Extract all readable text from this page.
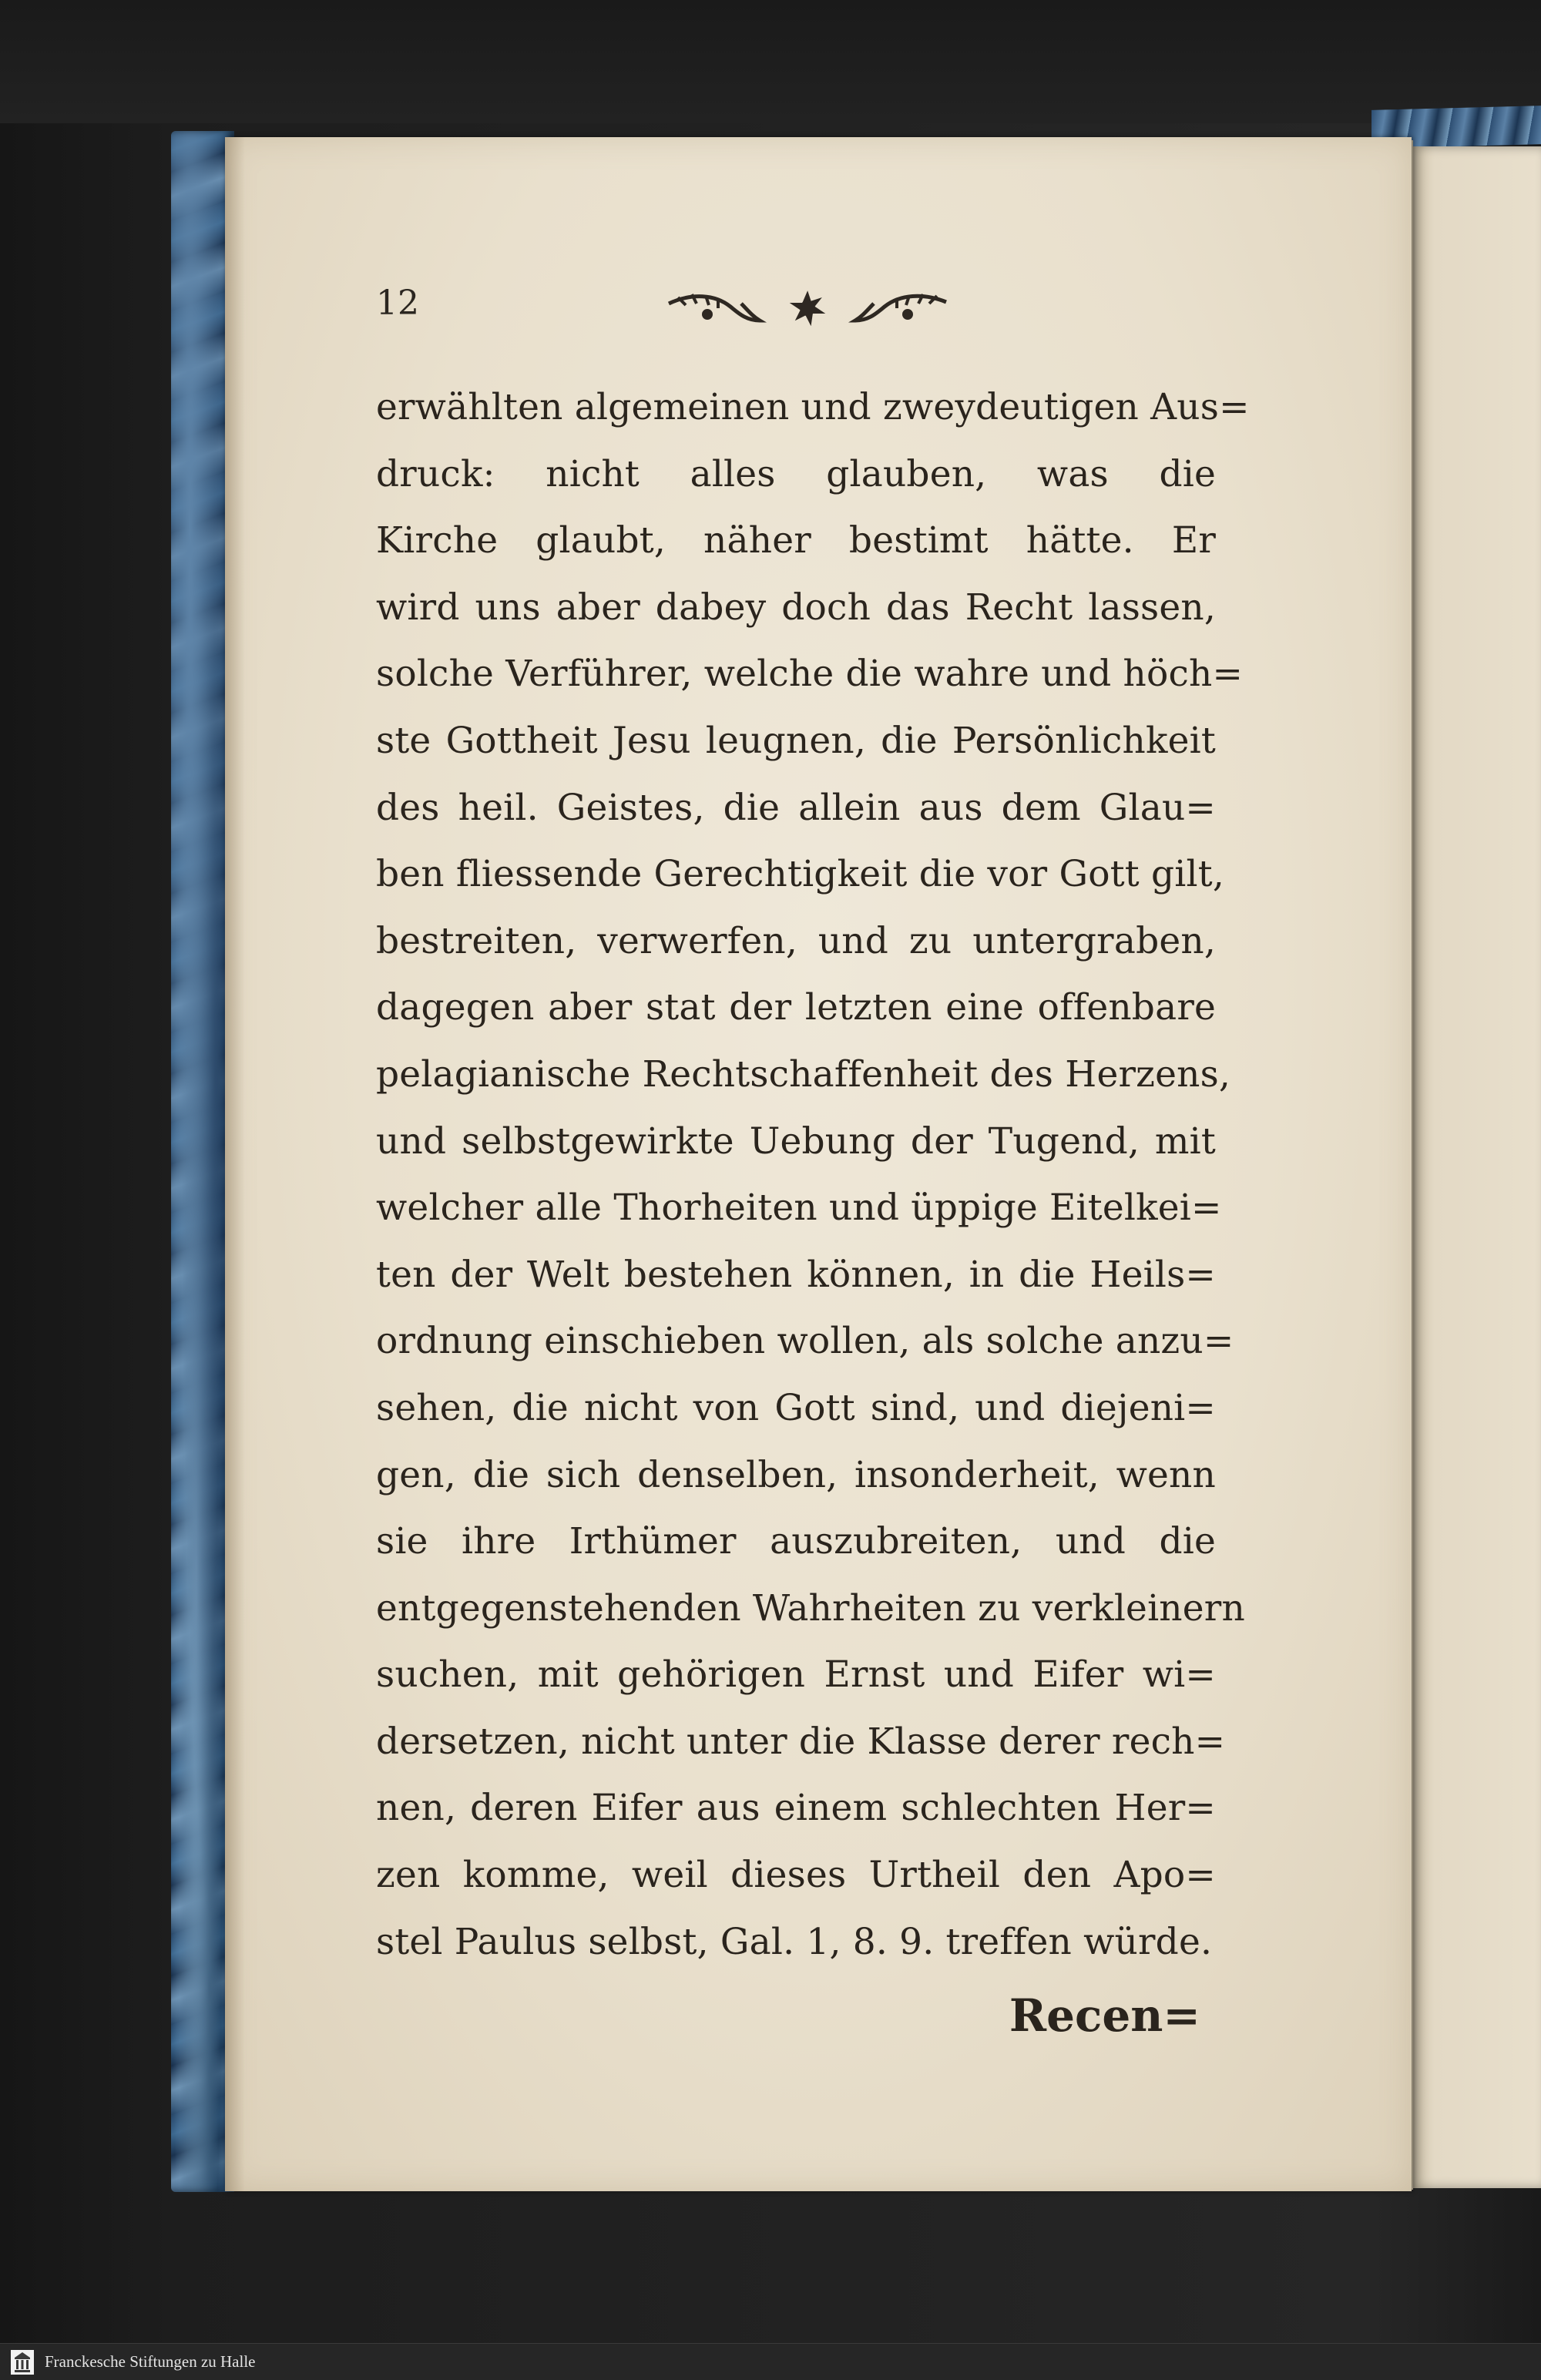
12
erwählten algemeinen und zweydeutigen Aus=
druck: nicht alles glauben, was die
Kirche glaubt, näher bestimt hätte. Er
wird uns aber dabey doch das Recht lassen,
solche Verführer, welche die wahre und höch=
ste Gottheit Jesu leugnen, die Persönlichkeit
des heil. Geistes, die allein aus dem Glau=
ben fliessende Gerechtigkeit die vor Gott gilt,
bestreiten, verwerfen, und zu untergraben,
dagegen aber stat der letzten eine offenbare
pelagianische Rechtschaffenheit des Herzens,
und selbstgewirkte Uebung der Tugend, mit
welcher alle Thorheiten und üppige Eitelkei=
ten der Welt bestehen können, in die Heils=
ordnung einschieben wollen, als solche anzu=
sehen, die nicht von Gott sind, und diejeni=
gen, die sich denselben, insonderheit, wenn
sie ihre Irthümer auszubreiten, und die
entgegenstehenden Wahrheiten zu verkleinern
suchen, mit gehörigen Ernst und Eifer wi=
dersetzen, nicht unter die Klasse derer rech=
nen, deren Eifer aus einem schlechten Her=
zen komme, weil dieses Urtheil den Apo=
stel Paulus selbst, Gal. 1, 8. 9. treffen würde.
Recen=
Franckesche Stiftungen zu Halle
